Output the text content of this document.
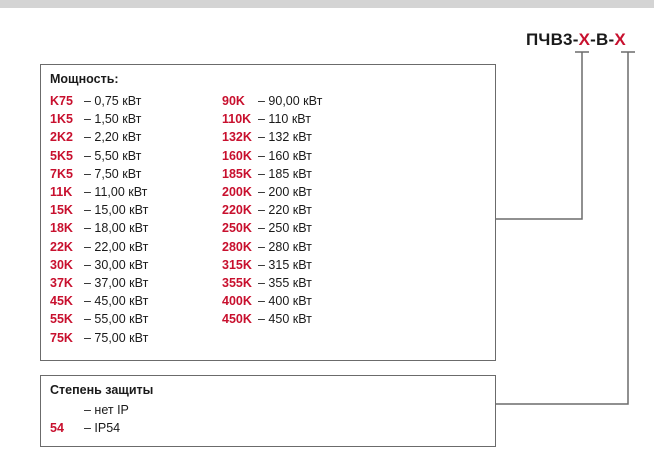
ПЧВ3-X-B-X
Мощность:
K75 – 0,75 кВт
1K5 – 1,50 кВт
2K2 – 2,20 кВт
5K5 – 5,50 кВт
7K5 – 7,50 кВт
11K – 11,00 кВт
15K – 15,00 кВт
18K – 18,00 кВт
22K – 22,00 кВт
30K – 30,00 кВт
37K – 37,00 кВт
45K – 45,00 кВт
55K – 55,00 кВт
75K – 75,00 кВт
90K – 90,00 кВт
110K – 110 кВт
132K – 132 кВт
160K – 160 кВт
185K – 185 кВт
200K – 200 кВт
220K – 220 кВт
250K – 250 кВт
280K – 280 кВт
315K – 315 кВт
355K – 355 кВт
400K – 400 кВт
450K – 450 кВт
Степень защиты
– нет IP
54 – IP54
